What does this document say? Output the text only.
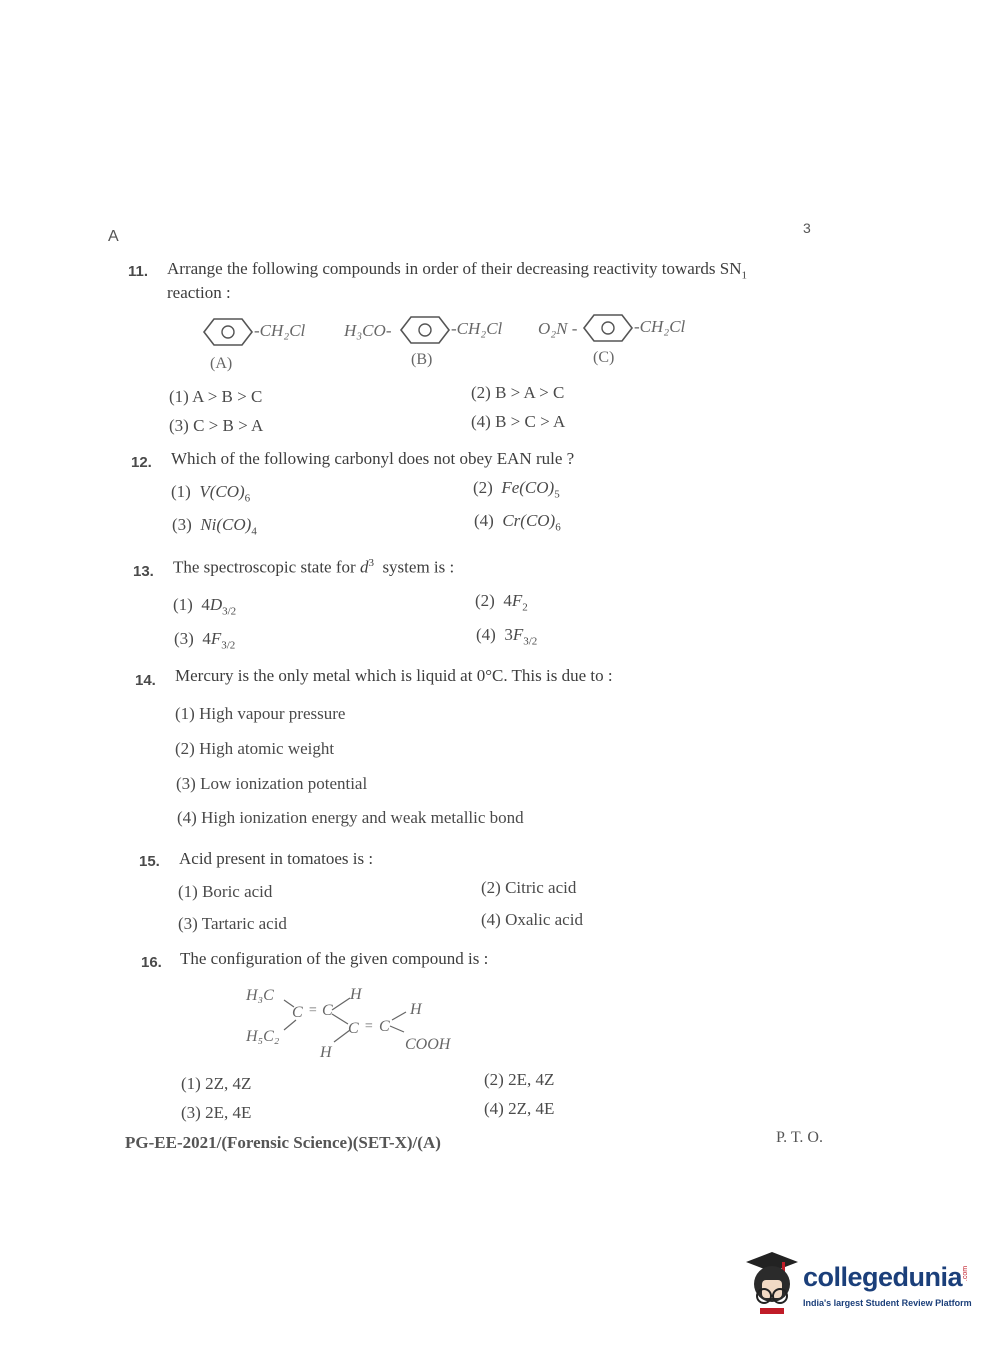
A	3
11. Arrange the following compounds in order of their decreasing reactivity towards $SN_1$
reaction :
-CH₂Cl
(A)
H₃CO-	-CH₂Cl
(B)
O₂N -	-CH₂Cl
(C)
(1) A > B > C	(2) B > A > C
(3) C > B > A	(4) B > C > A
12. Which of the following carbonyl does not obey EAN rule ?
(1) $V(CO)_6$
(2) $Fe(CO)_5$
(3) $Ni(CO)_4$
(4) $Cr(CO)_6$
13. The spectroscopic state for $d^3$ system is :
(1) $4D_{3/2}$
(2) $4F_2$
(3) $4F_{3/2}$
(4) $3F_{3/2}$
14. Mercury is the only metal which is liquid at 0°C. This is due to :
(1) High vapour pressure
(2) High atomic weight
(3) Low ionization potential
(4) High ionization energy and weak metallic bond
15. Acid present in tomatoes is :
(1) Boric acid	(2) Citric acid
(3) Tartaric acid	(4) Oxalic acid
16. The configuration of the given compound is :
H₃C
H₅C₂
C = C
H
C = C
H
H
COOH
(1) 2Z, 4Z	(2) 2E, 4Z
(3) 2E, 4E	(4) 2Z, 4E
PG-EE-2021/(Forensic Science)(SET-X)/(A)	P. T. O.
collegedunia .com
India's largest Student Review Platform
